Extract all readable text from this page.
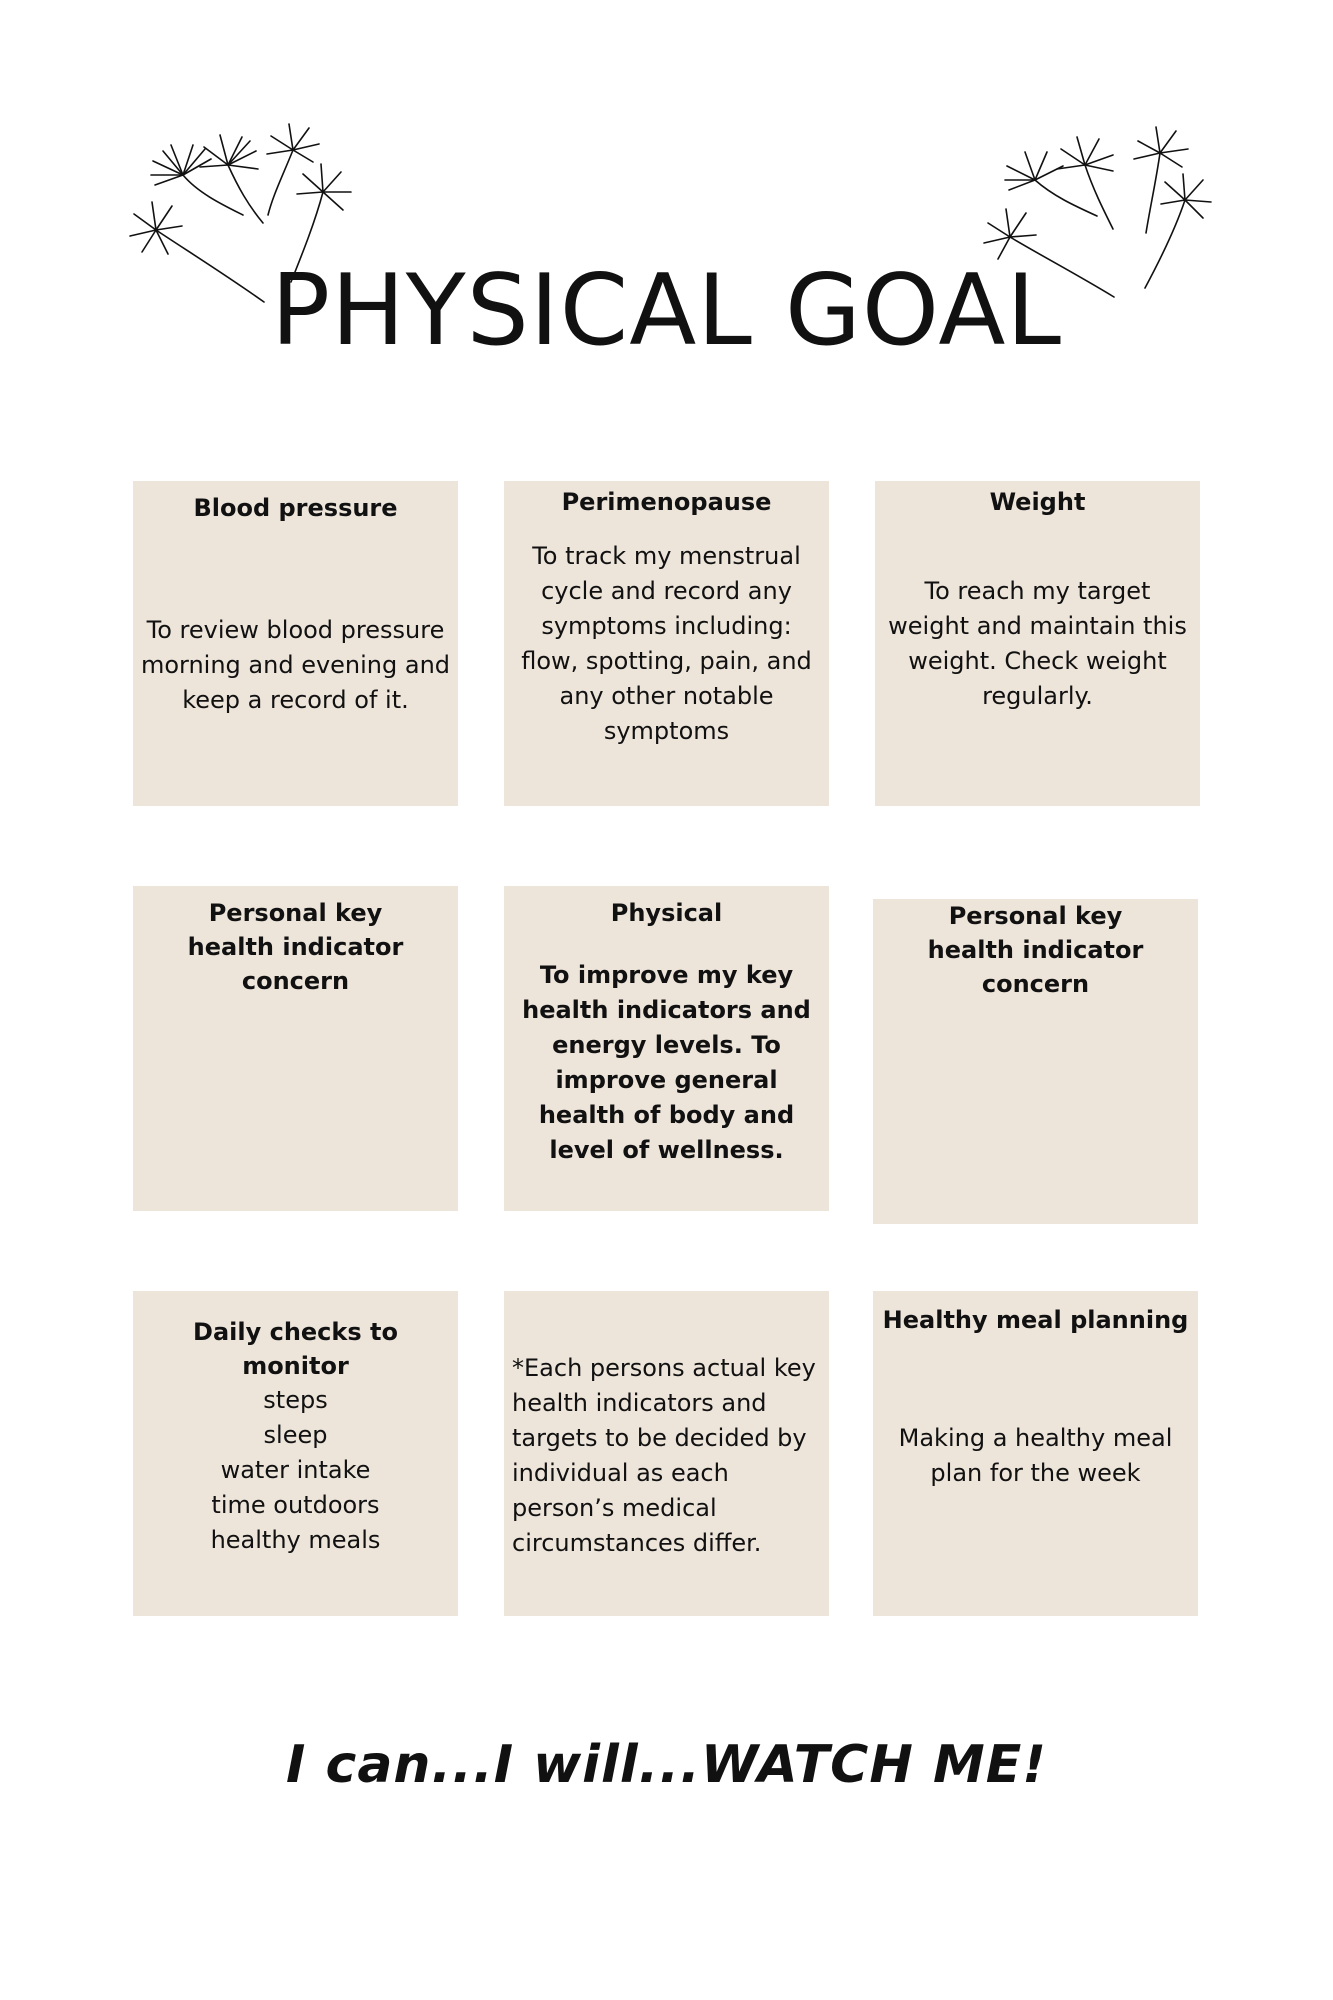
PHYSICAL GOAL

Blood pressure

To review blood pressure morning and evening and keep a record of it.

Perimenopause

To track my menstrual cycle and record any symptoms including: flow, spotting, pain, and any other notable symptoms

Weight

To reach my target weight and maintain this weight. Check weight regularly.

Personal key health indicator concern

Physical

To improve my key health indicators and energy levels. To improve general health of body and level of wellness.

Personal key health indicator concern

Daily checks to monitor

steps
sleep
water intake
time outdoors
healthy meals

*Each persons actual key health indicators and targets to be decided by individual as each person’s medical circumstances differ.

Healthy meal planning

Making a healthy meal plan for the week

I can...I will...WATCH ME!
